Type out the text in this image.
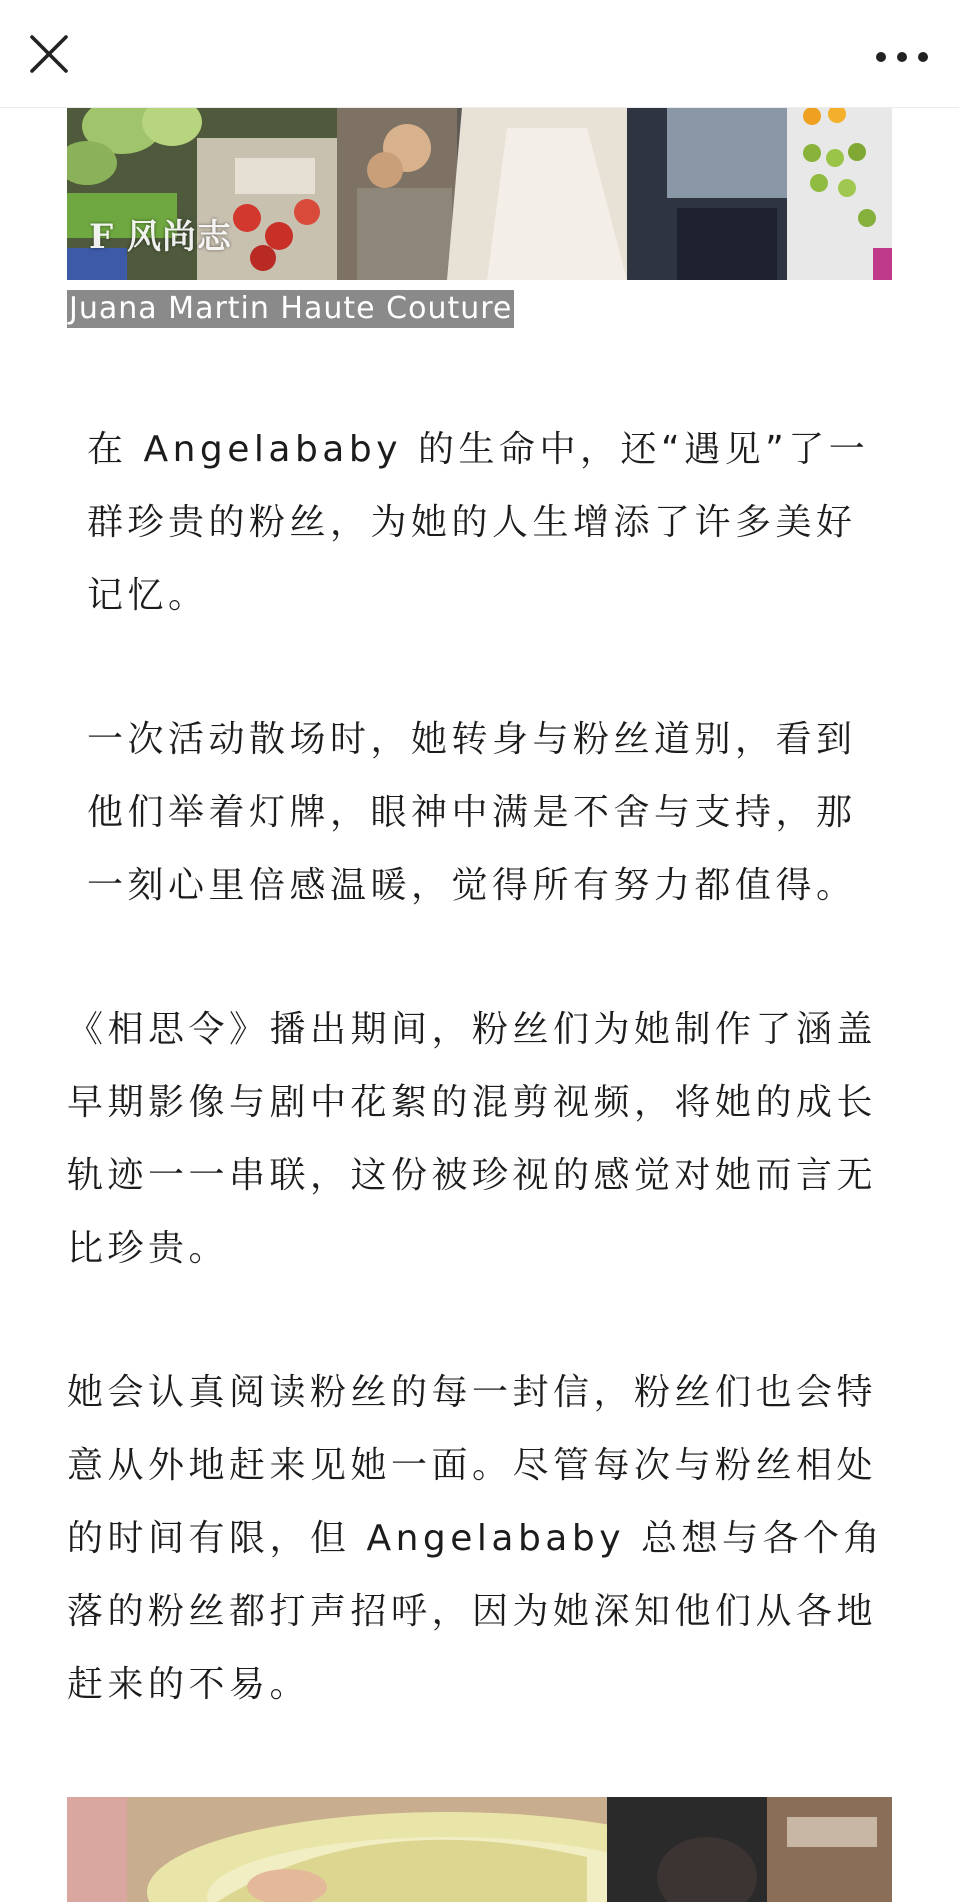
F 风尚志
Juana Martin Haute Couture

在 Angelababy 的生命中，还“遇见”了一群珍贵的粉丝，为她的人生增添了许多美好记忆。

一次活动散场时，她转身与粉丝道别，看到他们举着灯牌，眼神中满是不舍与支持，那一刻心里倍感温暖，觉得所有努力都值得。

《相思令》播出期间，粉丝们为她制作了涵盖早期影像与剧中花絮的混剪视频，将她的成长轨迹一一串联，这份被珍视的感觉对她而言无比珍贵。

她会认真阅读粉丝的每一封信，粉丝们也会特意从外地赶来见她一面。尽管每次与粉丝相处的时间有限，但 Angelababy 总想与各个角落的粉丝都打声招呼，因为她深知他们从各地赶来的不易。
